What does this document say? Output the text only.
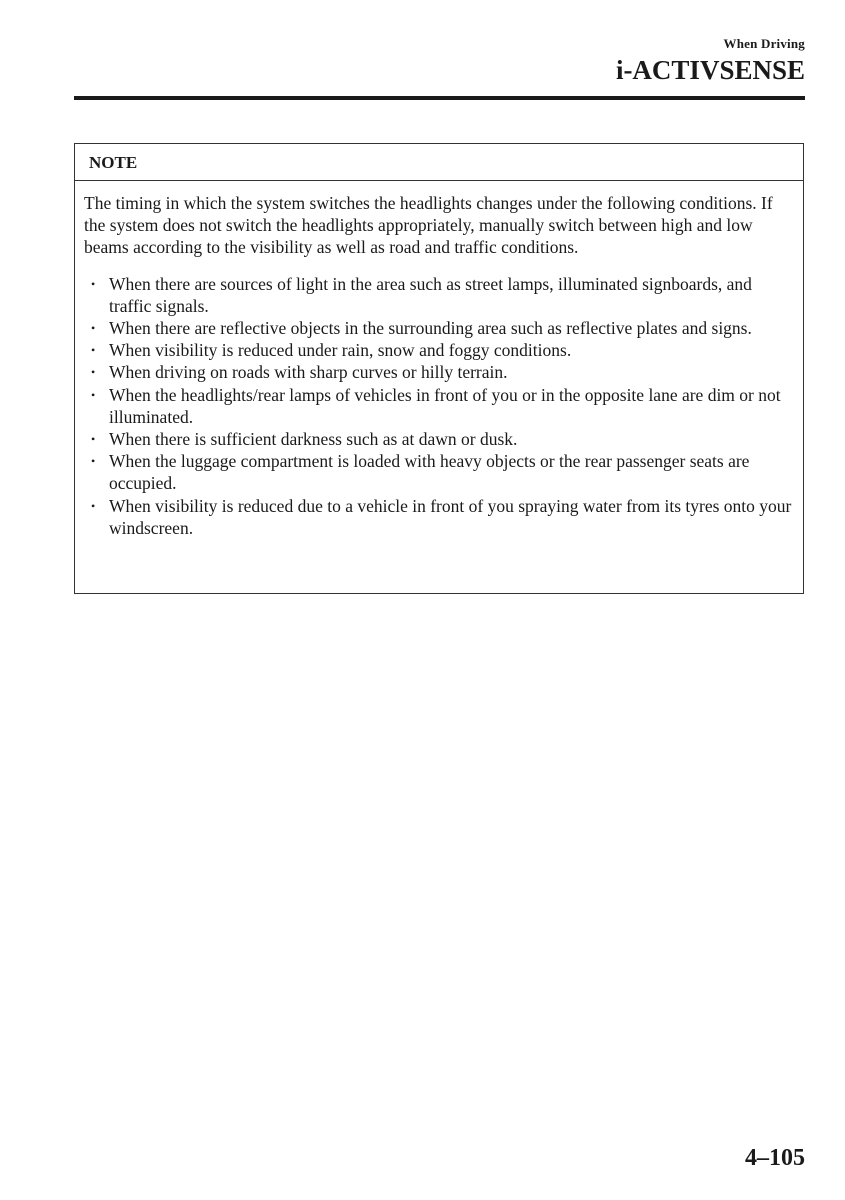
When Driving
i-ACTIVSENSE
NOTE

The timing in which the system switches the headlights changes under the following conditions. If the system does not switch the headlights appropriately, manually switch between high and low beams according to the visibility as well as road and traffic conditions.

• When there are sources of light in the area such as street lamps, illuminated signboards, and traffic signals.
• When there are reflective objects in the surrounding area such as reflective plates and signs.
• When visibility is reduced under rain, snow and foggy conditions.
• When driving on roads with sharp curves or hilly terrain.
• When the headlights/rear lamps of vehicles in front of you or in the opposite lane are dim or not illuminated.
• When there is sufficient darkness such as at dawn or dusk.
• When the luggage compartment is loaded with heavy objects or the rear passenger seats are occupied.
• When visibility is reduced due to a vehicle in front of you spraying water from its tyres onto your windscreen.
4–105
